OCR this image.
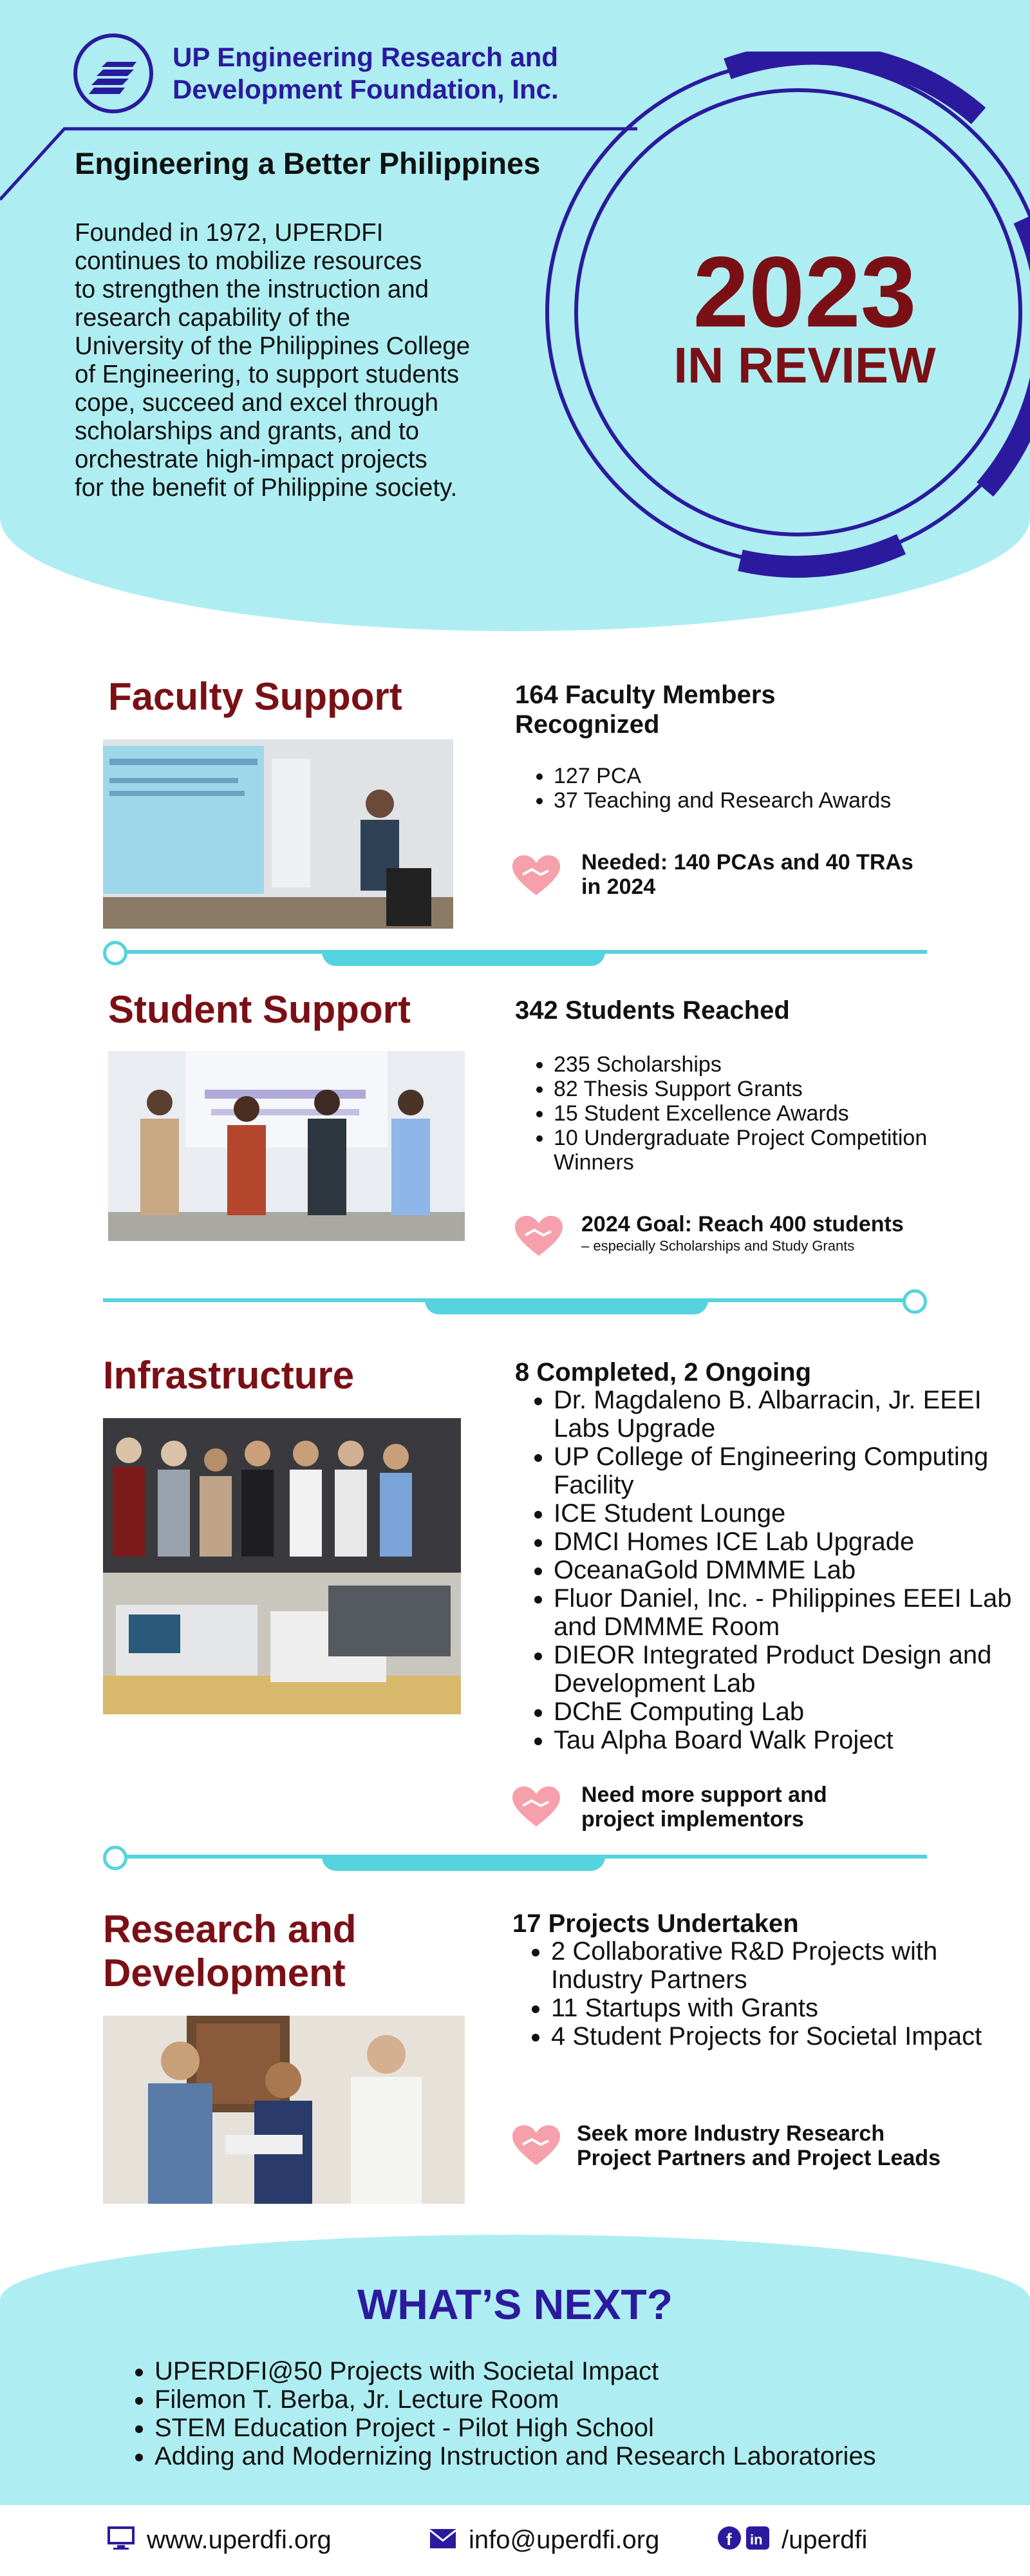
UP Engineering Research and
Development Foundation, Inc.
Engineering a Better Philippines
Founded in 1972, UPERDFI
continues to mobilize resources
to strengthen the instruction and
research capability of the
University of the Philippines College
of Engineering, to support students
cope, succeed and excel through
scholarships and grants, and to
orchestrate high-impact projects
for the benefit of Philippine society.
2023
IN REVIEW
Faculty Support	164 Faculty Members
Recognized
• 127 PCA
• 37 Teaching and Research Awards
Needed: 140 PCAs and 40 TRAs
in 2024
Student Support	342 Students Reached
• 235 Scholarships
• 82 Thesis Support Grants
• 15 Student Excellence Awards
• 10 Undergraduate Project Competition Winners
2024 Goal: Reach 400 students
– especially Scholarships and Study Grants
Infrastructure	8 Completed, 2 Ongoing
• Dr. Magdaleno B. Albarracin, Jr. EEEI Labs Upgrade
• UP College of Engineering Computing Facility
• ICE Student Lounge
• DMCI Homes ICE Lab Upgrade
• OceanaGold DMMME Lab
• Fluor Daniel, Inc. - Philippines EEEI Lab and DMMME Room
• DIEOR Integrated Product Design and Development Lab
• DChE Computing Lab
• Tau Alpha Board Walk Project
Need more support and
project implementors
Research and
Development
17 Projects Undertaken
• 2 Collaborative R&D Projects with Industry Partners
• 11 Startups with Grants
• 4 Student Projects for Societal Impact
Seek more Industry Research
Project Partners and Project Leads
WHAT’S NEXT?
• UPERDFI@50 Projects with Societal Impact
• Filemon T. Berba, Jr. Lecture Room
• STEM Education Project - Pilot High School
• Adding and Modernizing Instruction and Research Laboratories
www.uperdfi.org	info@uperdfi.org	f in /uperdfi
